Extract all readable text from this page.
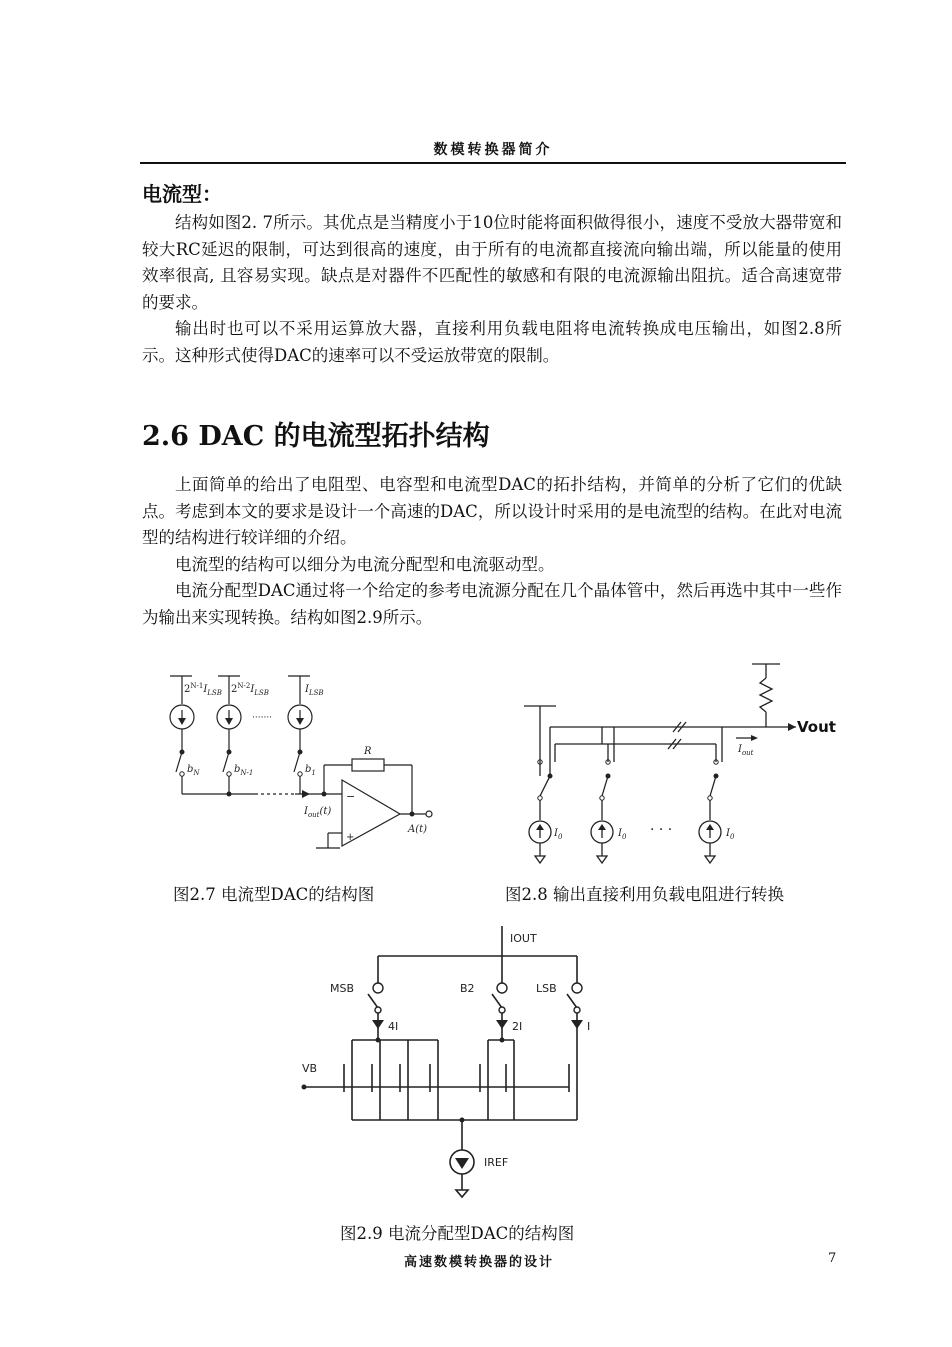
数模转换器简介
电流型：

结构如图2. 7所示。其优点是当精度小于10位时能将面积做得很小，速度不受放大器带宽和较大RC延迟的限制，可达到很高的速度，由于所有的电流都直接流向输出端，所以能量的使用效率很高, 且容易实现。缺点是对器件不匹配性的敏感和有限的电流源输出阻抗。适合高速宽带的要求。

输出时也可以不采用运算放大器，直接利用负载电阻将电流转换成电压输出，如图2.8所示。这种形式使得DAC的速率可以不受运放带宽的限制。

2.6 DAC 的电流型拓扑结构

上面简单的给出了电阻型、电容型和电流型DAC的拓扑结构，并简单的分析了它们的优缺点。考虑到本文的要求是设计一个高速的DAC，所以设计时采用的是电流型的结构。在此对电流型的结构进行较详细的介绍。

电流型的结构可以细分为电流分配型和电流驱动型。

电流分配型DAC通过将一个给定的参考电流源分配在几个晶体管中，然后再选中其中一些作为输出来实现转换。结构如图2.9所示。

$2^{N-1}I_{LSB}$ $2^{N-2}I_{LSB}$	$I_{LSB}$
·······
$b_N$	$b_{N-1}$	$b_1$
R
$I_{out}(t)$
−
+
A(t)
图2.7 电流型DAC的结构图
Vout
$I_{out}$
$I_0$	$I_0$ · · ·	$I_0$
图2.8 输出直接利用负载电阻进行转换
IOUT
MSB	B2	LSB
4I	2I	I
VB
IREF
图2.9 电流分配型DAC的结构图
高速数模转换器的设计	7
